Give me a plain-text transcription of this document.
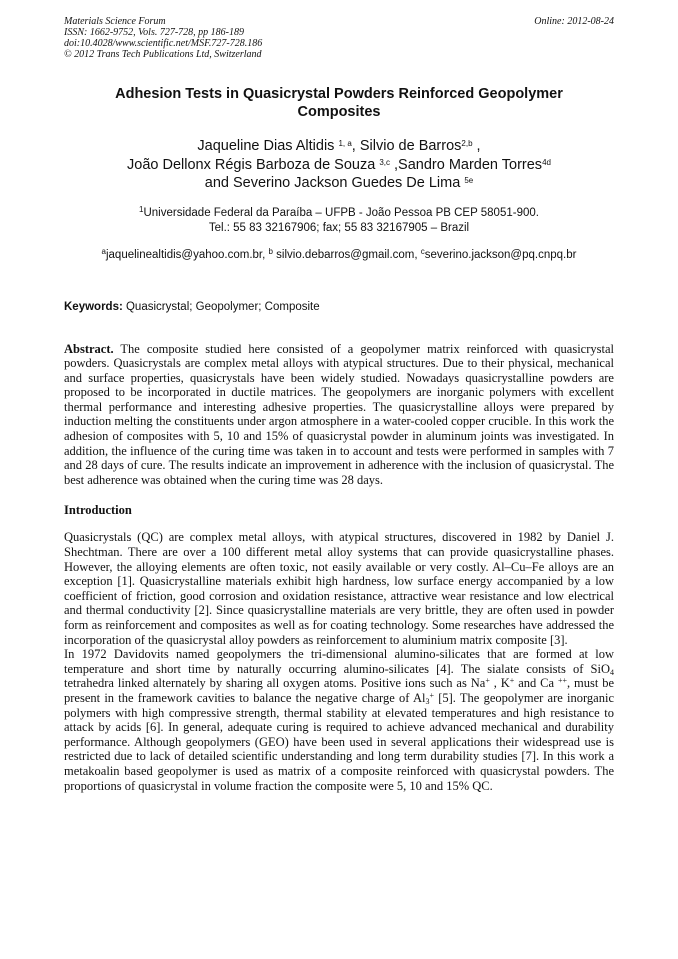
Materials Science Forum
ISSN: 1662-9752, Vols. 727-728, pp 186-189
doi:10.4028/www.scientific.net/MSF.727-728.186
© 2012 Trans Tech Publications Ltd, Switzerland
Online: 2012-08-24
Adhesion Tests in Quasicrystal Powders Reinforced Geopolymer Composites
Jaqueline Dias Altidis $^{1, a}$, Silvio de Barros$^{2,b}$ ,
João Dellonx Régis Barboza de Souza $^{3,c}$ ,Sandro Marden Torres$^{4d}$
and Severino Jackson Guedes De Lima $^{5e}$
$^1$Universidade Federal da Paraíba – UFPB - João Pessoa PB CEP 58051-900.
Tel.: 55 83 32167906; fax; 55 83 32167905 – Brazil
$^a$jaquelinealtidis@yahoo.com.br, $^b$ silvio.debarros@gmail.com, $^c$severino.jackson@pq.cnpq.br
Keywords: Quasicrystal; Geopolymer; Composite

Abstract. The composite studied here consisted of a geopolymer matrix reinforced with quasicrystal powders. Quasicrystals are complex metal alloys with atypical structures. Due to their physical, mechanical and surface properties, quasicrystals have been widely studied. Nowadays quasicrystalline powders are proposed to be incorporated in ductile matrices. The geopolymers are inorganic polymers with excellent thermal performance and interesting adhesive properties. The quasicrystalline alloys were prepared by induction melting the constituents under argon atmosphere in a water-cooled copper crucible. In this work the adhesion of composites with 5, 10 and 15% of quasicrystal powder in aluminum joints was investigated. In addition, the influence of the curing time was taken in to account and tests were performed in samples with 7 and 28 days of cure. The results indicate an improvement in adherence with the inclusion of quasicrystal. The best adherence was obtained when the curing time was 28 days.

Introduction

Quasicrystals (QC) are complex metal alloys, with atypical structures, discovered in 1982 by Daniel J. Shechtman. There are over a 100 different metal alloy systems that can provide quasicrystalline phases. However, the alloying elements are often toxic, not easily available or very costly. Al–Cu–Fe alloys are an exception [1]. Quasicrystalline materials exhibit high hardness, low surface energy accompanied by a low coefficient of friction, good corrosion and oxidation resistance, attractive wear resistance and low electrical and thermal conductivity [2]. Since quasicrystalline materials are very brittle, they are often used in powder form as reinforcement and composites as well as for coating technology. Some researches have addressed the incorporation of the quasicrystal alloy powders as reinforcement to aluminium matrix composite [3].

In 1972 Davidovits named geopolymers the tri-dimensional alumino-silicates that are formed at low temperature and short time by naturally occurring alumino-silicates [4]. The sialate consists of SiO$_4$ tetrahedra linked alternately by sharing all oxygen atoms. Positive ions such as Na+ , K+ and Ca ++, must be present in the framework cavities to balance the negative charge of $Al_3^+$ [5]. The geopolymer are inorganic polymers with high compressive strength, thermal stability at elevated temperatures and high resistance to attack by acids [6]. In general, adequate curing is required to achieve advanced mechanical and durability performance. Although geopolymers (GEO) have been used in several applications their widespread use is restricted due to lack of detailed scientific understanding and long term durability studies [7]. In this work a metakoalin based geopolymer is used as matrix of a composite reinforced with quasicrystal powders. The proportions of quasicrystal in volume fraction the composite were 5, 10 and 15% QC.
